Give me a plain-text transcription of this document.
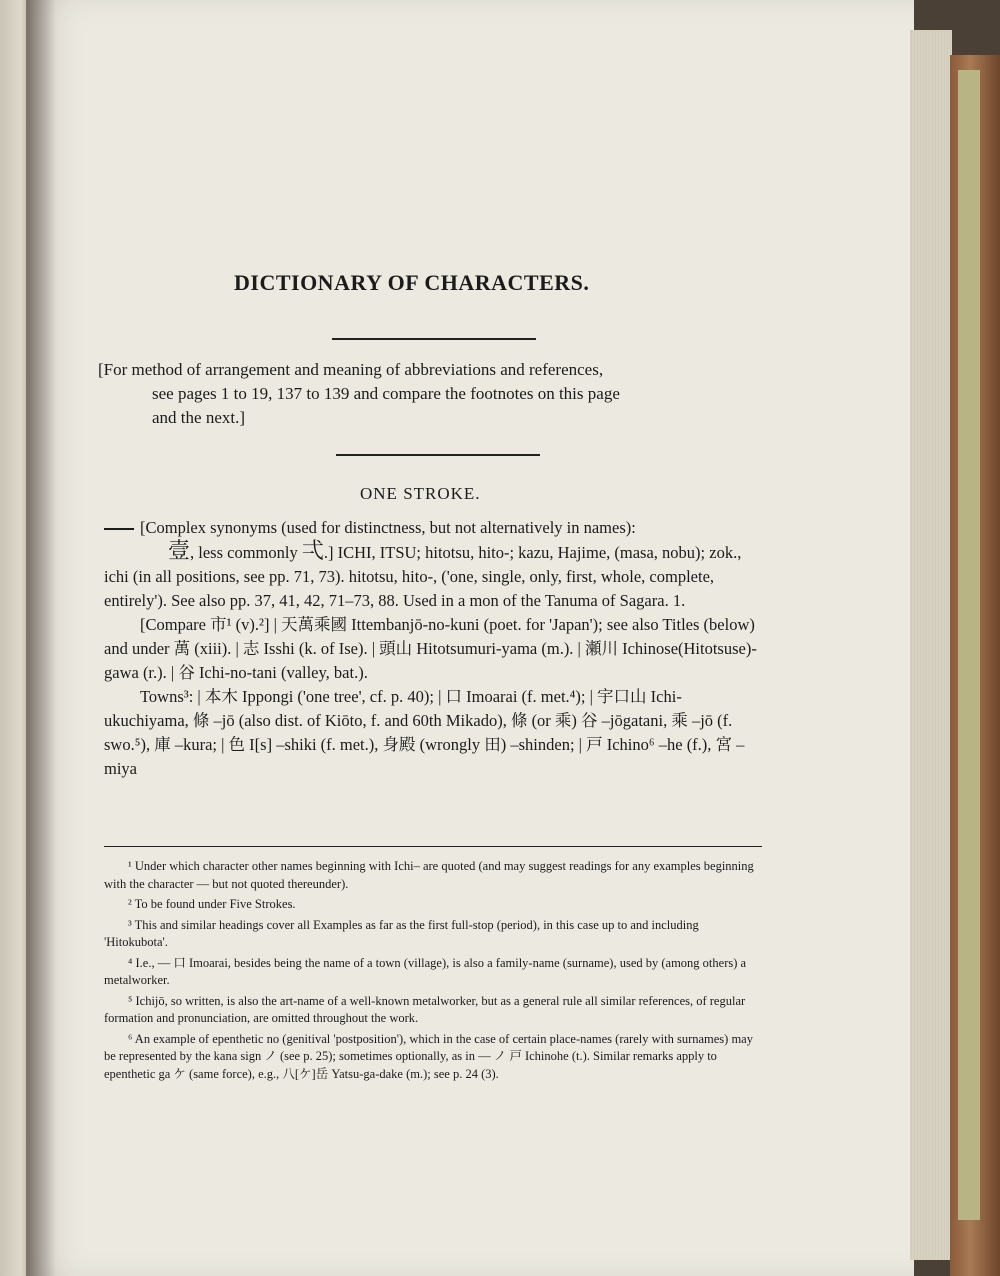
DICTIONARY OF CHARACTERS.
[For method of arrangement and meaning of abbreviations and references,
see pages 1 to 19, 137 to 139 and compare the footnotes on this page
and the next.]
ONE STROKE.

[Complex synonyms (used for distinctness, but not alternatively in names):
壹, less commonly 弌.] ICHI, ITSU; hitotsu, hito-; kazu, Hajime, (masa, nobu); zok., ichi (in all positions, see pp. 71, 73). hitotsu, hito-, ('one, single, only, first, whole, complete, entirely'). See also pp. 37, 41, 42, 71–73, 88. Used in a mon of the Tanuma of Sagara. 1.

[Compare 市¹ (v).²] | 天萬乘國 Ittembanjō-no-kuni (poet. for 'Japan'); see also Titles (below) and under 萬 (xiii). | 志 Isshi (k. of Ise). | 頭山 Hitotsumuri-yama (m.). | 瀬川 Ichinose(Hitotsuse)-gawa (r.). | 谷 Ichi-no-tani (valley, bat.).

Towns³: | 本木 Ippongi ('one tree', cf. p. 40); | 口 Imoarai (f. met.⁴); | 宇口山 Ichi-ukuchiyama, 條 –jō (also dist. of Kiōto, f. and 60th Mikado), 條 (or 乘) 谷 –jōgatani, 乘 –jō (f. swo.⁵), 庫 –kura; | 色 I[s] –shiki (f. met.), 身殿 (wrongly 田) –shinden; | 戸 Ichino⁶ –he (f.), 宮 –miya

¹ Under which character other names beginning with Ichi– are quoted (and may suggest readings for any examples beginning with the character — but not quoted thereunder).

² To be found under Five Strokes.

³ This and similar headings cover all Examples as far as the first full-stop (period), in this case up to and including 'Hitokubota'.

⁴ I.e., — 口 Imoarai, besides being the name of a town (village), is also a family-name (surname), used by (among others) a metalworker.

⁵ Ichijō, so written, is also the art-name of a well-known metalworker, but as a general rule all similar references, of regular formation and pronunciation, are omitted throughout the work.

⁶ An example of epenthetic no (genitival 'postposition'), which in the case of certain place-names (rarely with surnames) may be represented by the kana sign ノ (see p. 25); sometimes optionally, as in — ノ 戸 Ichinohe (t.). Similar remarks apply to epenthetic ga ケ (same force), e.g., 八[ケ]岳 Yatsu-ga-dake (m.); see p. 24 (3).
